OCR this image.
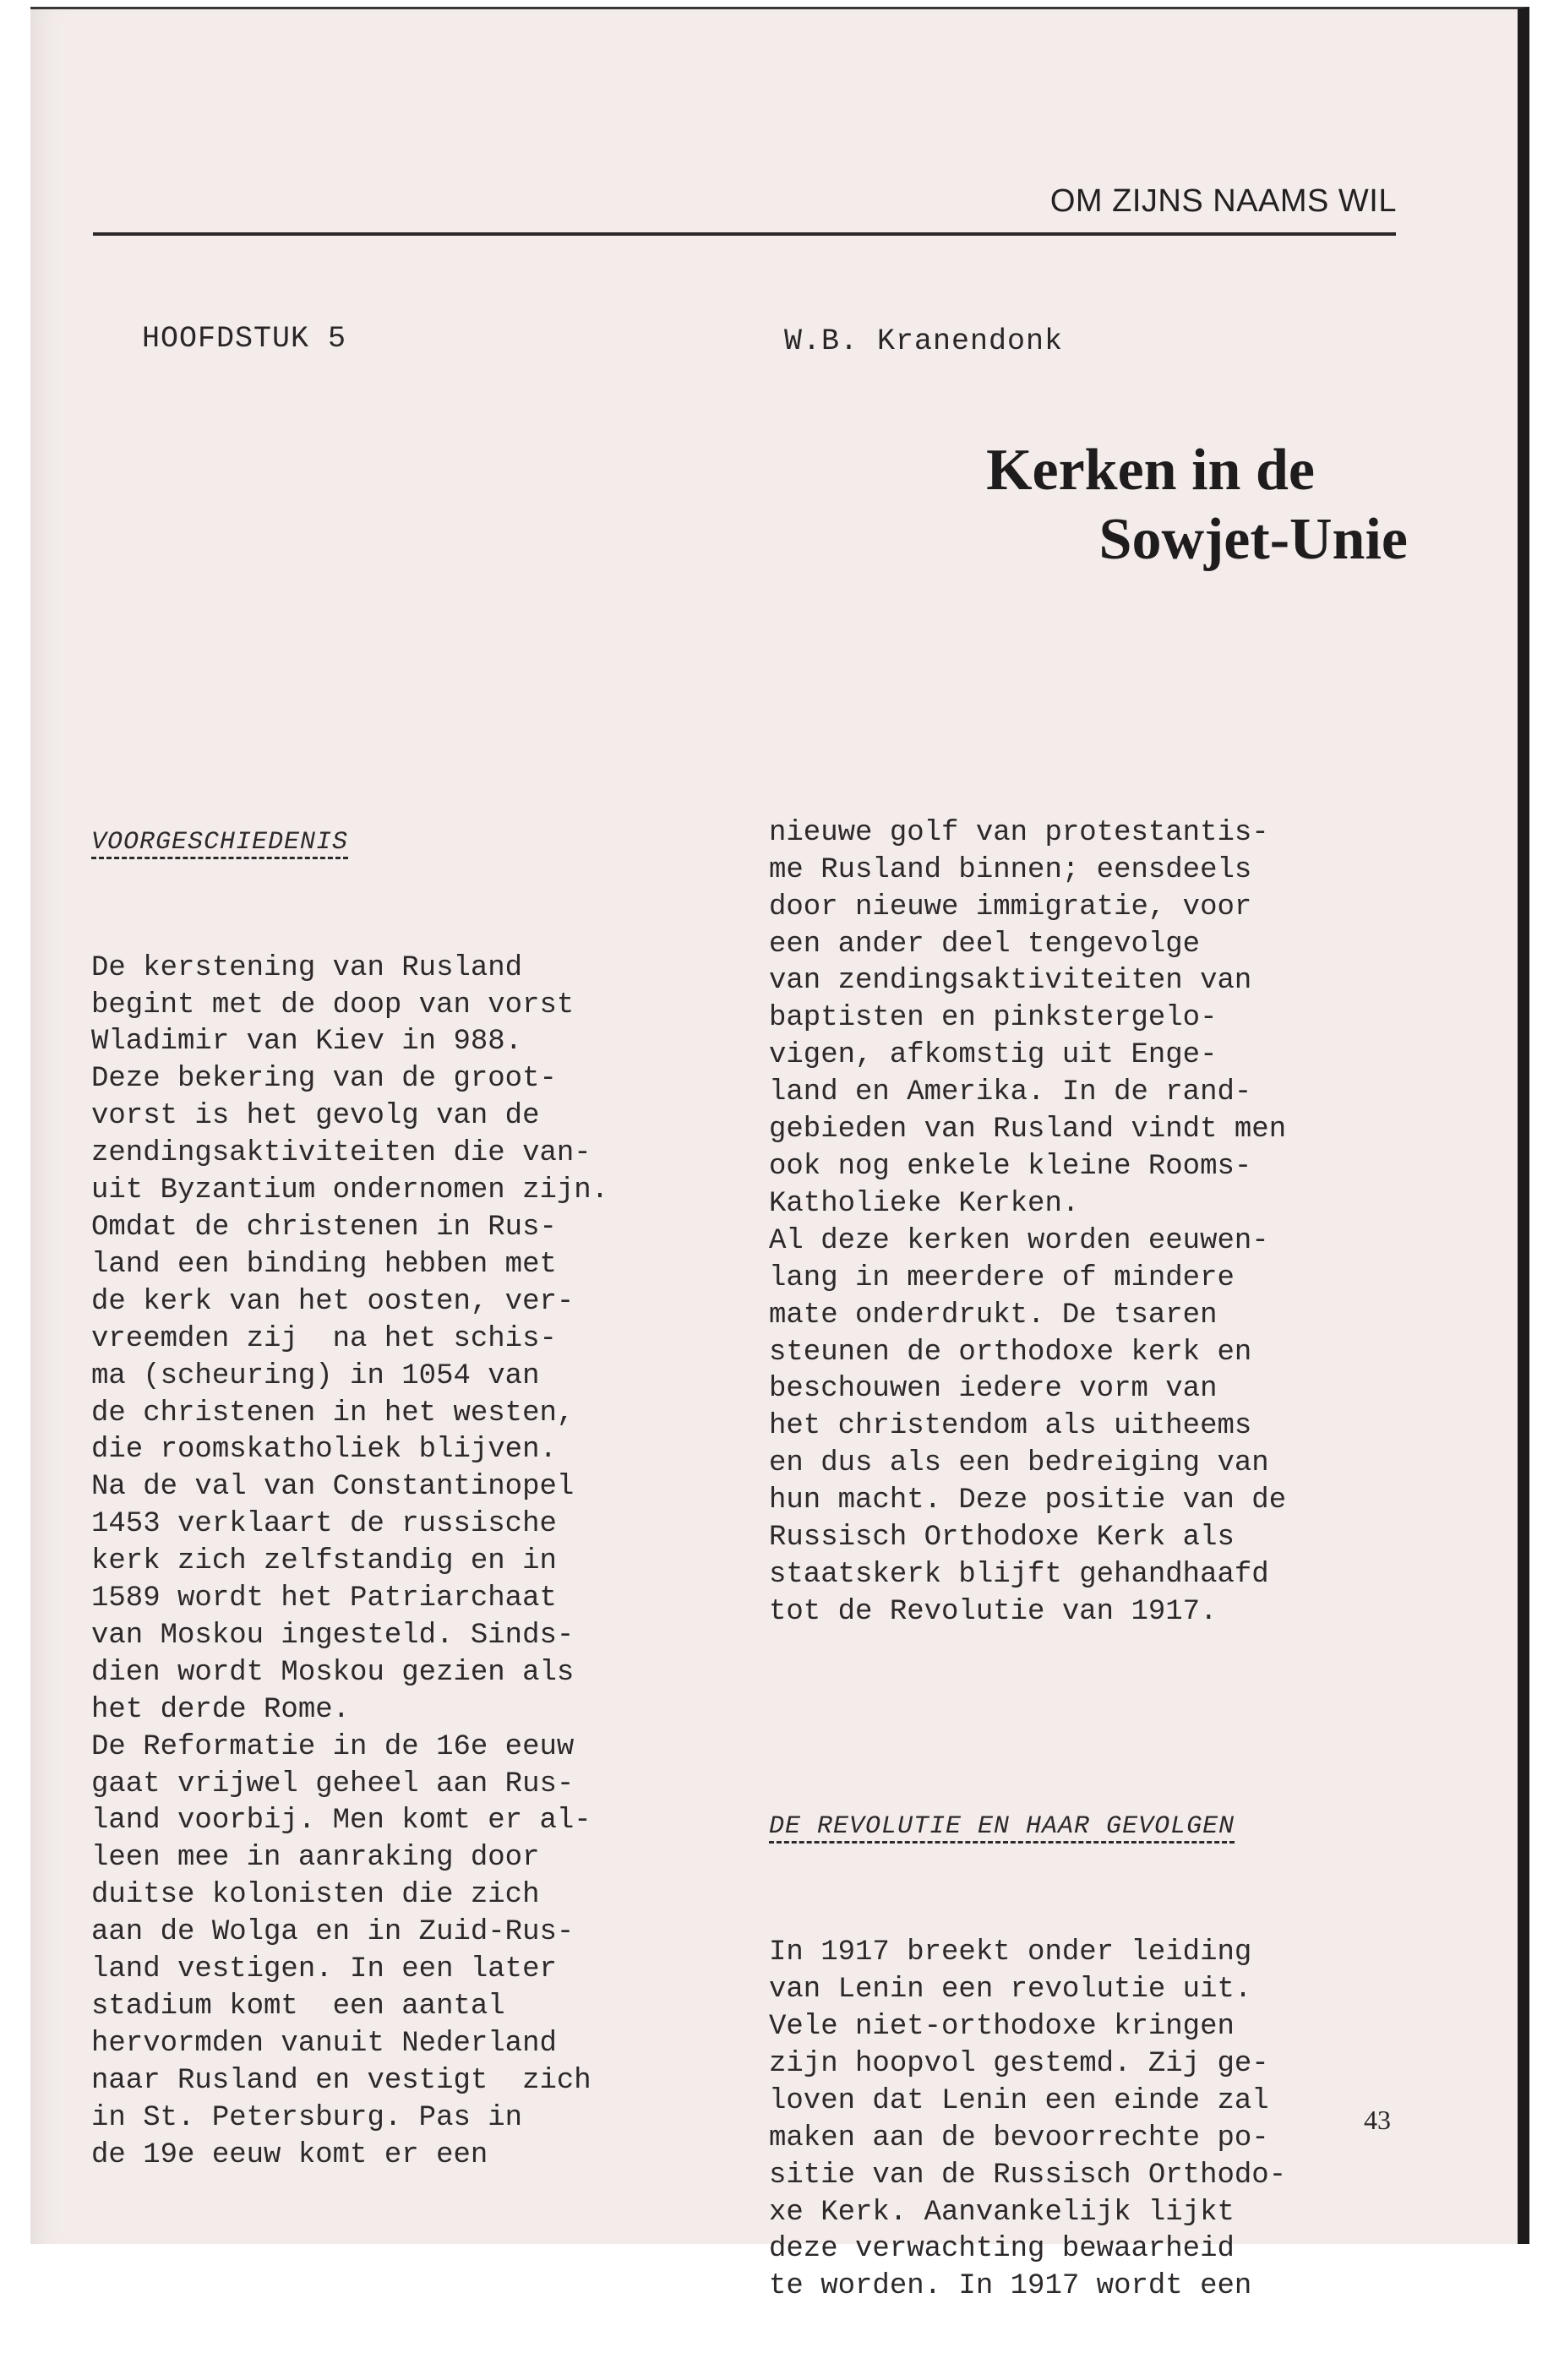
OM ZIJNS NAAMS WIL
HOOFDSTUK 5	W.B. Kranendonk
Kerken in de
Sowjet-Unie

VOORGESCHIEDENIS

De kerstening van Rusland
begint met de doop van vorst
Wladimir van Kiev in 988.
Deze bekering van de groot-
vorst is het gevolg van de
zendingsaktiviteiten die van-
uit Byzantium ondernomen zijn.
Omdat de christenen in Rus-
land een binding hebben met
de kerk van het oosten, ver-
vreemden zij  na het schis-
ma (scheuring) in 1054 van
de christenen in het westen,
die roomskatholiek blijven.
Na de val van Constantinopel
1453 verklaart de russische
kerk zich zelfstandig en in
1589 wordt het Patriarchaat
van Moskou ingesteld. Sinds-
dien wordt Moskou gezien als
het derde Rome.
De Reformatie in de 16e eeuw
gaat vrijwel geheel aan Rus-
land voorbij. Men komt er al-
leen mee in aanraking door
duitse kolonisten die zich
aan de Wolga en in Zuid-Rus-
land vestigen. In een later
stadium komt  een aantal
hervormden vanuit Nederland
naar Rusland en vestigt  zich
in St. Petersburg. Pas in
de 19e eeuw komt er een

nieuwe golf van protestantis-
me Rusland binnen; eensdeels
door nieuwe immigratie, voor
een ander deel tengevolge
van zendingsaktiviteiten van
baptisten en pinkstergelo-
vigen, afkomstig uit Enge-
land en Amerika. In de rand-
gebieden van Rusland vindt men
ook nog enkele kleine Rooms-
Katholieke Kerken.
Al deze kerken worden eeuwen-
lang in meerdere of mindere
mate onderdrukt. De tsaren
steunen de orthodoxe kerk en
beschouwen iedere vorm van
het christendom als uitheems
en dus als een bedreiging van
hun macht. Deze positie van de
Russisch Orthodoxe Kerk als
staatskerk blijft gehandhaafd
tot de Revolutie van 1917.

DE REVOLUTIE EN HAAR GEVOLGEN

In 1917 breekt onder leiding
van Lenin een revolutie uit.
Vele niet-orthodoxe kringen
zijn hoopvol gestemd. Zij ge-
loven dat Lenin een einde zal
maken aan de bevoorrechte po-
sitie van de Russisch Orthodo-
xe Kerk. Aanvankelijk lijkt
deze verwachting bewaarheid
te worden. In 1917 wordt een

43
